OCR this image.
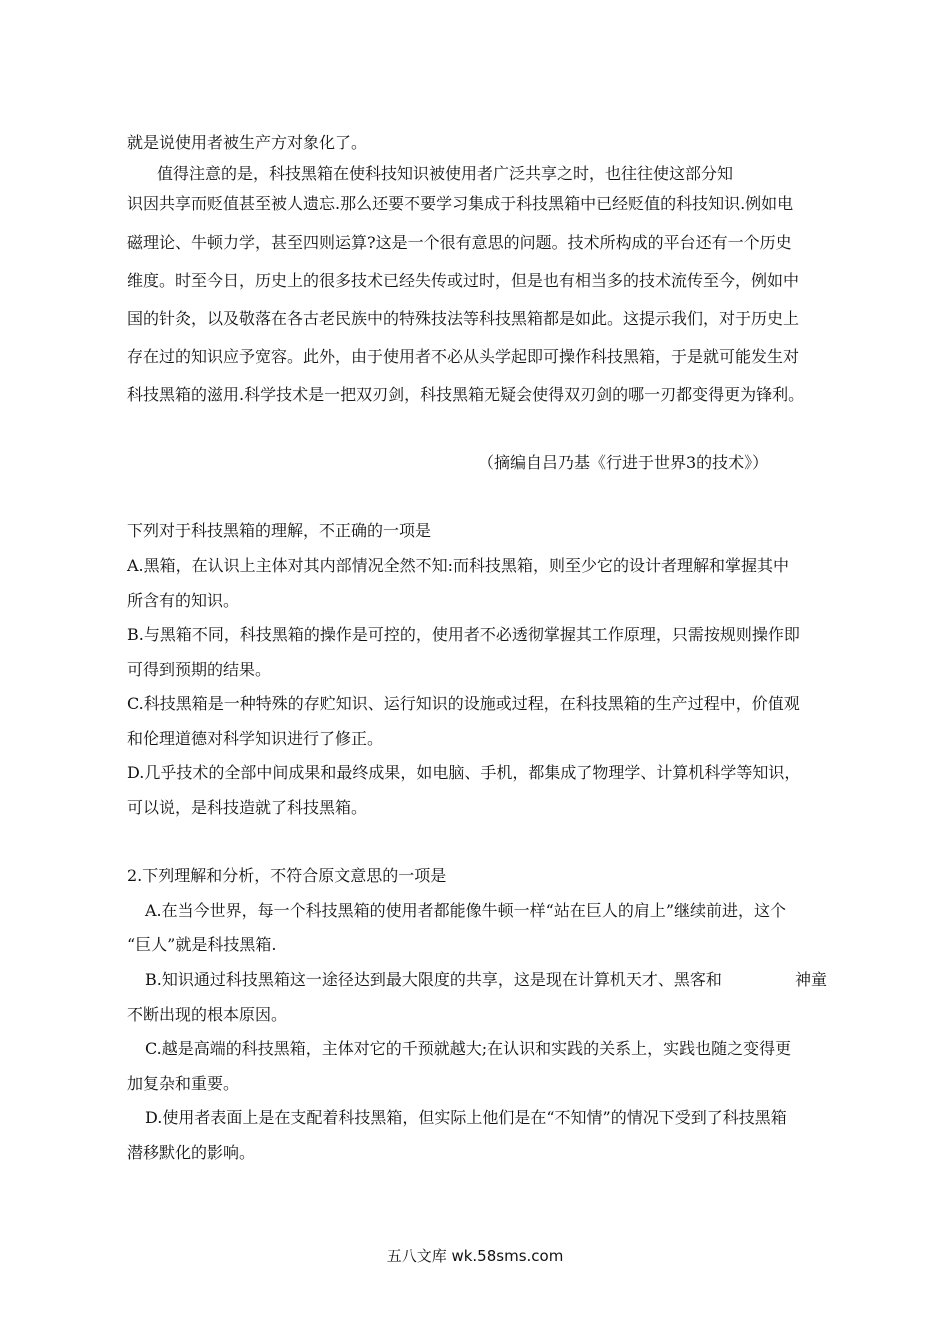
就是说使用者被生产方对象化了。
值得注意的是，科技黑箱在使科技知识被使用者广泛共享之时，也往往使这部分知
识因共享而贬值甚至被人遗忘.那么还要不要学习集成于科技黑箱中已经贬值的科技知识.例如电
磁理论、牛顿力学，甚至四则运算?这是一个很有意思的问题。技术所构成的平台还有一个历史
维度。时至今日，历史上的很多技术已经失传或过时，但是也有相当多的技术流传至今，例如中
国的针灸，以及敬落在各古老民族中的特殊技法等科技黑箱都是如此。这提示我们，对于历史上
存在过的知识应予宽容。此外，由于使用者不必从头学起即可操作科技黑箱，于是就可能发生对
科技黑箱的滋用.科学技术是一把双刃剑，科技黑箱无疑会使得双刃剑的哪一刃都变得更为锋利。
（摘编自吕乃基《行进于世界3的技术》）
下列对于科技黑箱的理解，不正确的一项是
A.黑箱，在认识上主体对其内部情况全然不知:而科技黑箱，则至少它的设计者理解和掌握其中
所含有的知识。
B.与黑箱不同，科技黑箱的操作是可控的，使用者不必透彻掌握其工作原理，只需按规则操作即
可得到预期的结果。
C.科技黑箱是一种特殊的存贮知识、运行知识的设施或过程，在科技黑箱的生产过程中，价值观
和伦理道德对科学知识进行了修正。
D.几乎技术的全部中间成果和最终成果，如电脑、手机，都集成了物理学、计算机科学等知识，
可以说，是科技造就了科技黑箱。
2.下列理解和分析，不符合原文意思的一项是
A.在当今世界，每一个科技黑箱的使用者都能像牛顿一样“站在巨人的肩上”继续前进，这个
“巨人”就是科技黑箱.
B.知识通过科技黑箱这一途径达到最大限度的共享，这是现在计算机天才、黑客和	神童
不断出现的根本原因。
C.越是高端的科技黑箱，主体对它的千预就越大;在认识和实践的关系上，实践也随之变得更
加复杂和重要。
D.使用者表面上是在支配着科技黑箱，但实际上他们是在“不知情”的情况下受到了科技黑箱
潜移默化的影响。
五八文库 wk.58sms.com
